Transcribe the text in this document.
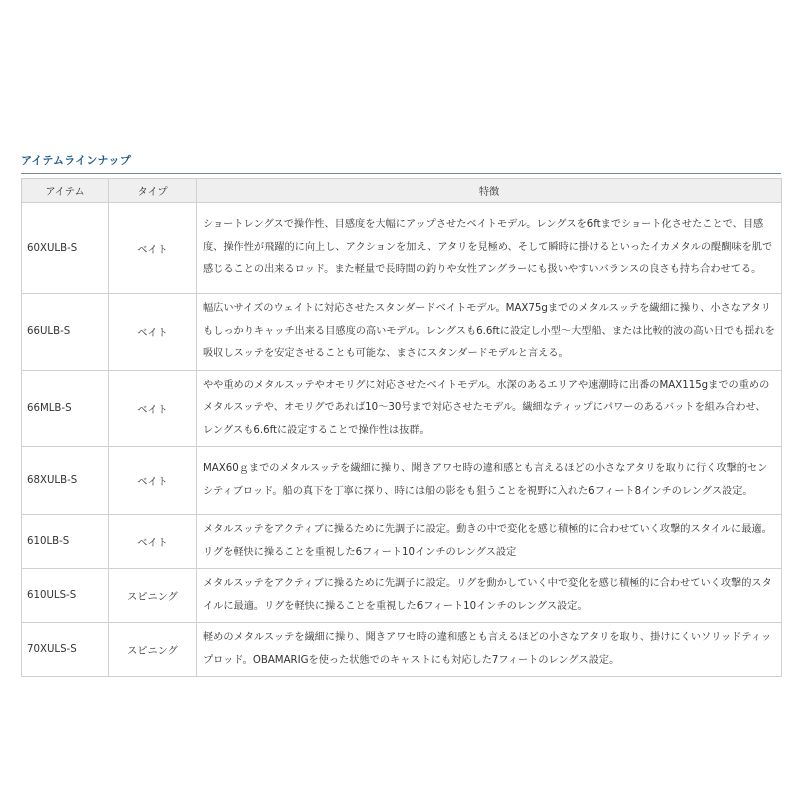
アイテムラインナップ
アイテム	タイプ	特徴
60XULB-S	ベイト	ショートレングスで操作性、目感度を大幅にアップさせたベイトモデル。レングスを6ftまでショート化させたことで、目感度、操作性が飛躍的に向上し、アクションを加え、アタリを見極め、そして瞬時に掛けるといったイカメタルの醍醐味を肌で感じることの出来るロッド。また軽量で長時間の釣りや女性アングラーにも扱いやすいバランスの良さも持ち合わせてる。
66ULB-S	ベイト	幅広いサイズのウェイトに対応させたスタンダードベイトモデル。MAX75gまでのメタルスッテを繊細に操り、小さなアタリもしっかりキャッチ出来る目感度の高いモデル。レングスも6.6ftに設定し小型〜大型船、または比較的波の高い日でも揺れを吸収しスッテを安定させることも可能な、まさにスタンダードモデルと言える。
66MLB-S	ベイト	やや重めのメタルスッテやオモリグに対応させたベイトモデル。水深のあるエリアや速潮時に出番のMAX115gまでの重めのメタルスッテや、オモリグであれば10〜30号まで対応させたモデル。繊細なティップにパワーのあるバットを組み合わせ、レングスも6.6ftに設定することで操作性は抜群。
68XULB-S	ベイト	MAX60ｇまでのメタルスッテを繊細に操り、聞きアワセ時の違和感とも言えるほどの小さなアタリを取りに行く攻撃的センシティブロッド。船の真下を丁寧に探り、時には船の影をも狙うことを視野に入れた6フィート8インチのレングス設定。
610LB-S	ベイト	メタルスッテをアクティブに操るために先調子に設定。動きの中で変化を感じ積極的に合わせていく攻撃的スタイルに最適。リグを軽快に操ることを重視した6フィート10インチのレングス設定
610ULS-S	スピニング	メタルスッテをアクティブに操るために先調子に設定。リグを動かしていく中で変化を感じ積極的に合わせていく攻撃的スタイルに最適。リグを軽快に操ることを重視した6フィート10インチのレングス設定。
70XULS-S	スピニング	軽めのメタルスッテを繊細に操り、聞きアワセ時の違和感とも言えるほどの小さなアタリを取り、掛けにくいソリッドティップロッド。OBAMARIGを使った状態でのキャストにも対応した7フィートのレングス設定。
